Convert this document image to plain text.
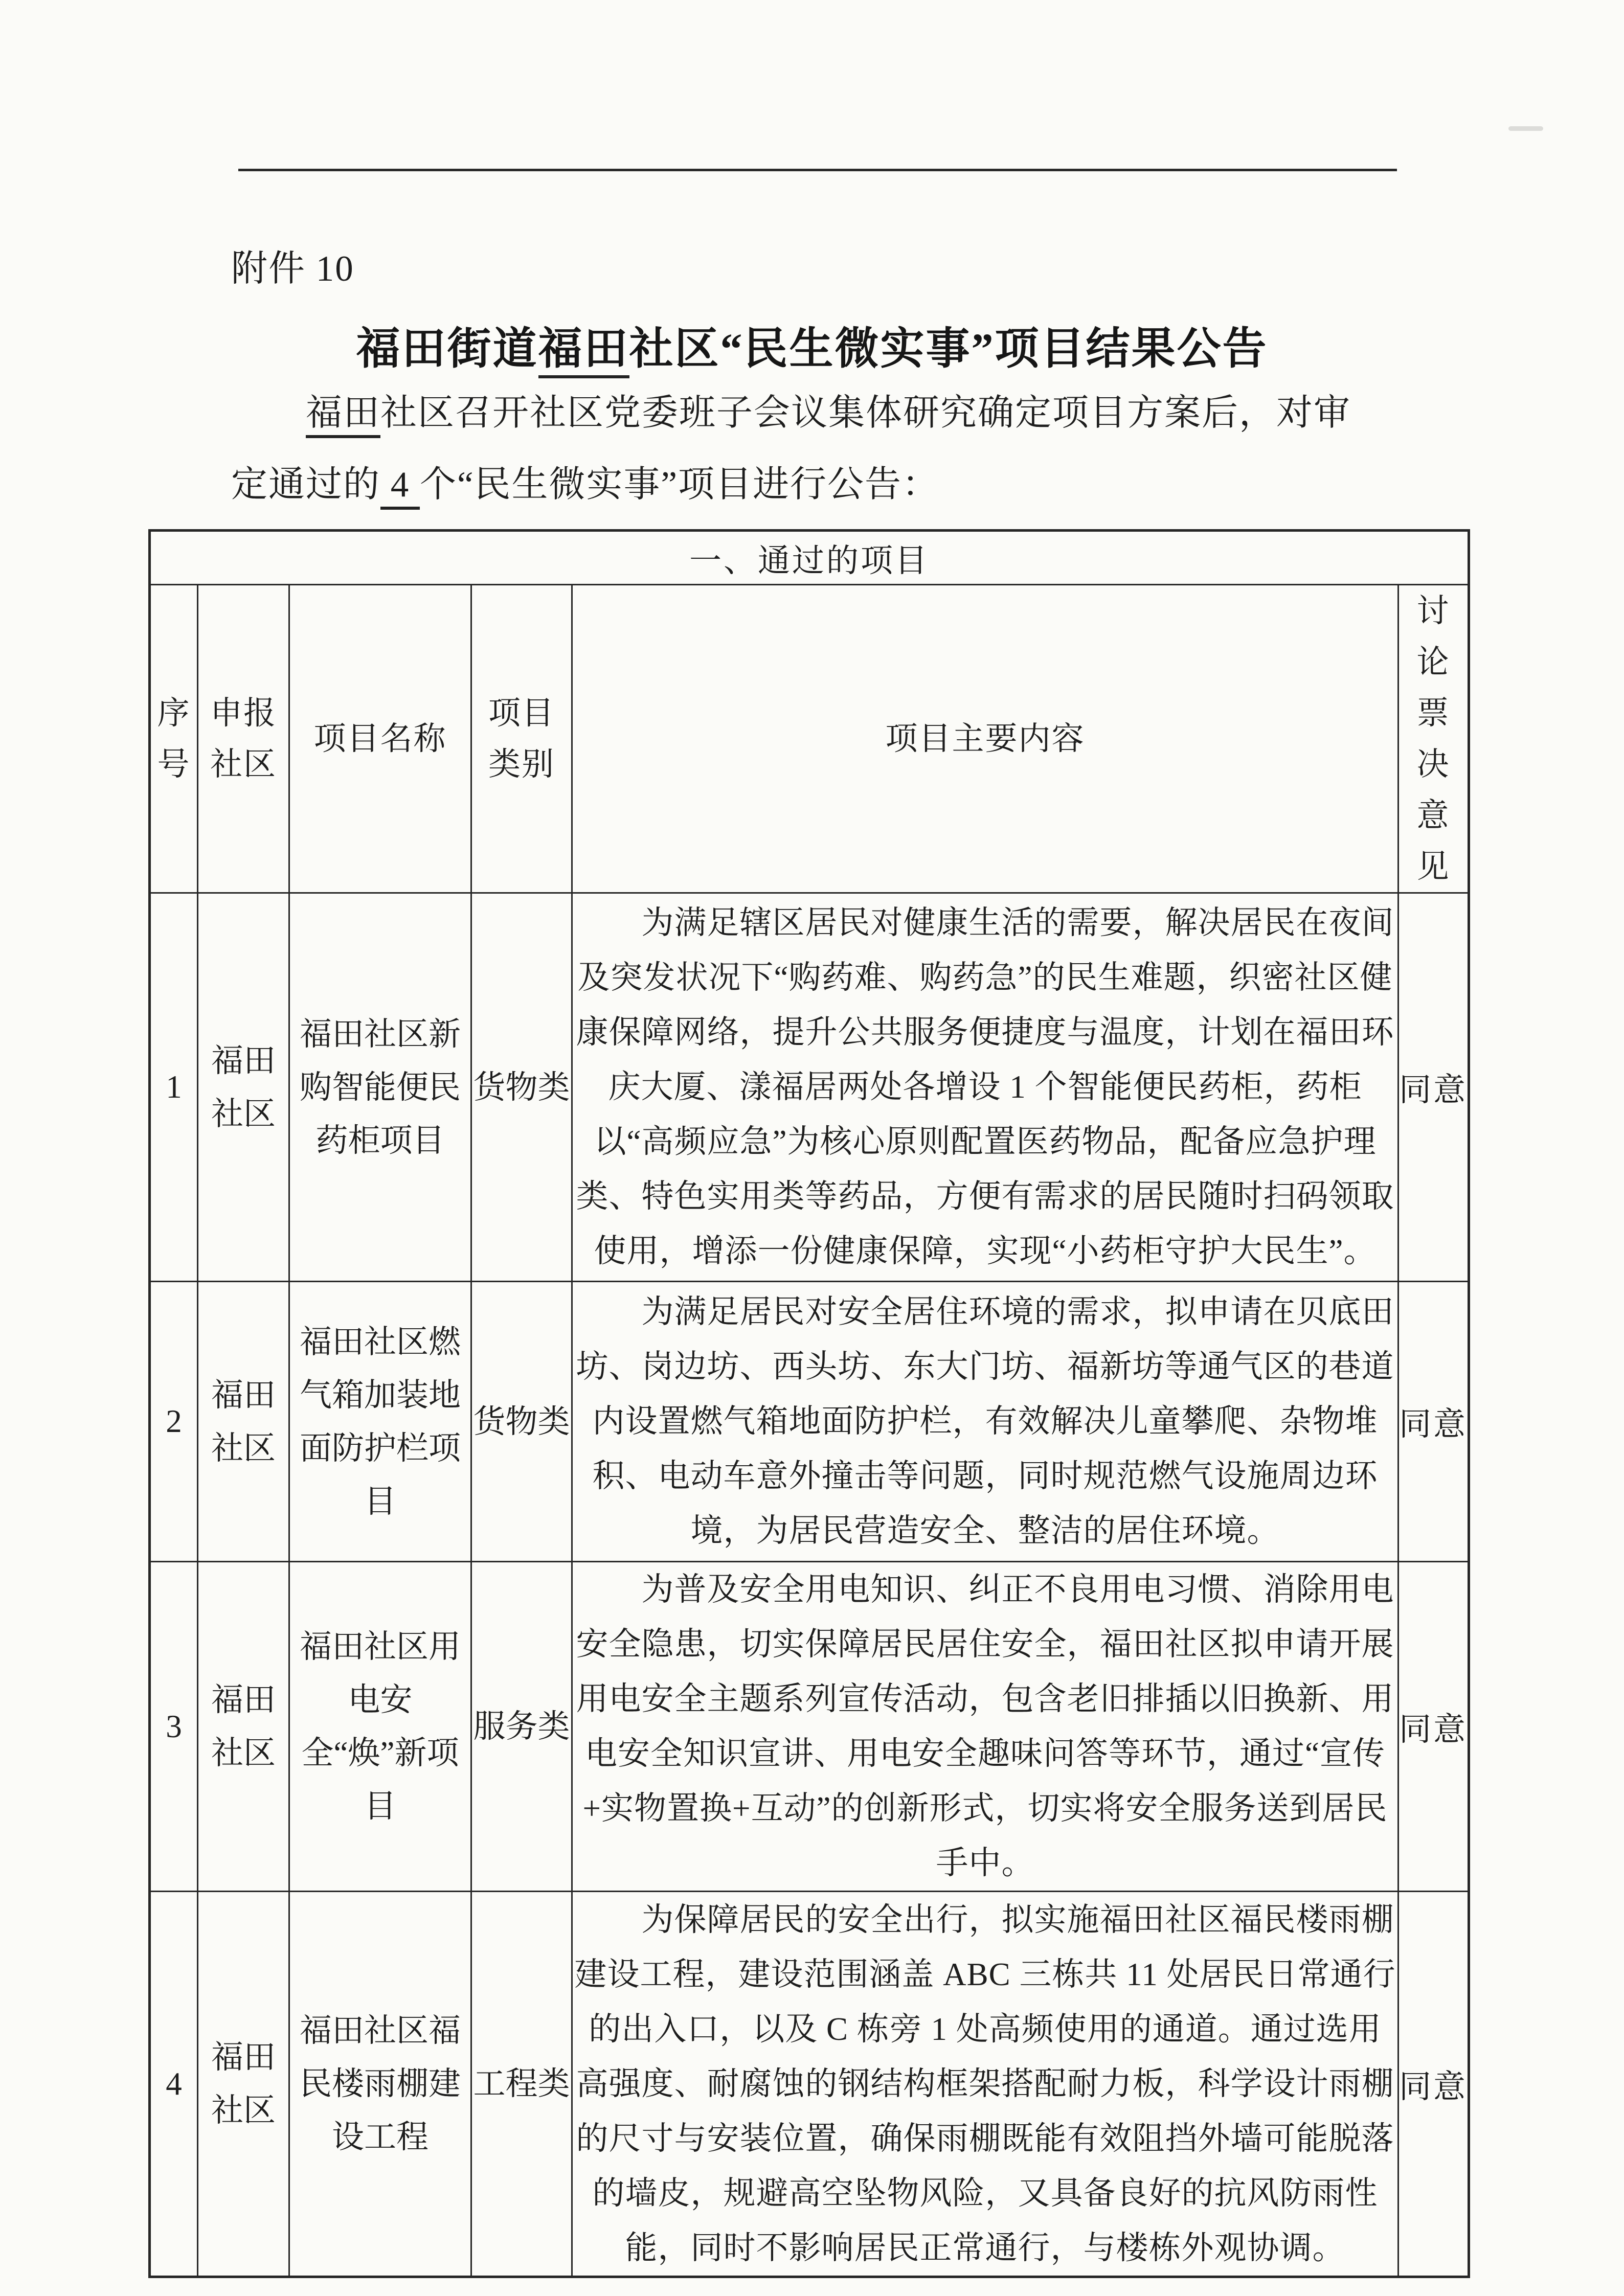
附件 10
福田街道福田社区“民生微实事”项目结果公告
福田社区召开社区党委班子会议集体研究确定项目方案后，对审
定通过的 4 个“民生微实事”项目进行公告：
一、通过的项目					
序号	申报社区	项目名称	项目类别	项目主要内容	讨论票决意见
1	福田社区	福田社区新购智能便民药柜项目	货物类	为满足辖区居民对健康生活的需要，解决居民在夜间及突发状况下“购药难、购药急”的民生难题，织密社区健康保障网络，提升公共服务便捷度与温度，计划在福田环庆大厦、漾福居两处各增设 1 个智能便民药柜，药柜以“高频应急”为核心原则配置医药物品，配备应急护理类、特色实用类等药品，方便有需求的居民随时扫码领取使用，增添一份健康保障，实现“小药柜守护大民生”。	同意
2	福田社区	福田社区燃气箱加装地面防护栏项目	货物类	为满足居民对安全居住环境的需求，拟申请在贝底田坊、岗边坊、西头坊、东大门坊、福新坊等通气区的巷道内设置燃气箱地面防护栏，有效解决儿童攀爬、杂物堆积、电动车意外撞击等问题，同时规范燃气设施周边环境，为居民营造安全、整洁的居住环境。	同意
3	福田社区	福田社区用电安全“焕”新项目	服务类	为普及安全用电知识、纠正不良用电习惯、消除用电安全隐患，切实保障居民居住安全，福田社区拟申请开展用电安全主题系列宣传活动，包含老旧排插以旧换新、用电安全知识宣讲、用电安全趣味问答等环节，通过“宣传+实物置换+互动”的创新形式，切实将安全服务送到居民手中。	同意
4	福田社区	福田社区福民楼雨棚建设工程	工程类	为保障居民的安全出行，拟实施福田社区福民楼雨棚建设工程，建设范围涵盖 ABC 三栋共 11 处居民日常通行的出入口，以及 C 栋旁 1 处高频使用的通道。通过选用高强度、耐腐蚀的钢结构框架搭配耐力板，科学设计雨棚的尺寸与安装位置，确保雨棚既能有效阻挡外墙可能脱落的墙皮，规避高空坠物风险，又具备良好的抗风防雨性能，同时不影响居民正常通行，与楼栋外观协调。	同意
